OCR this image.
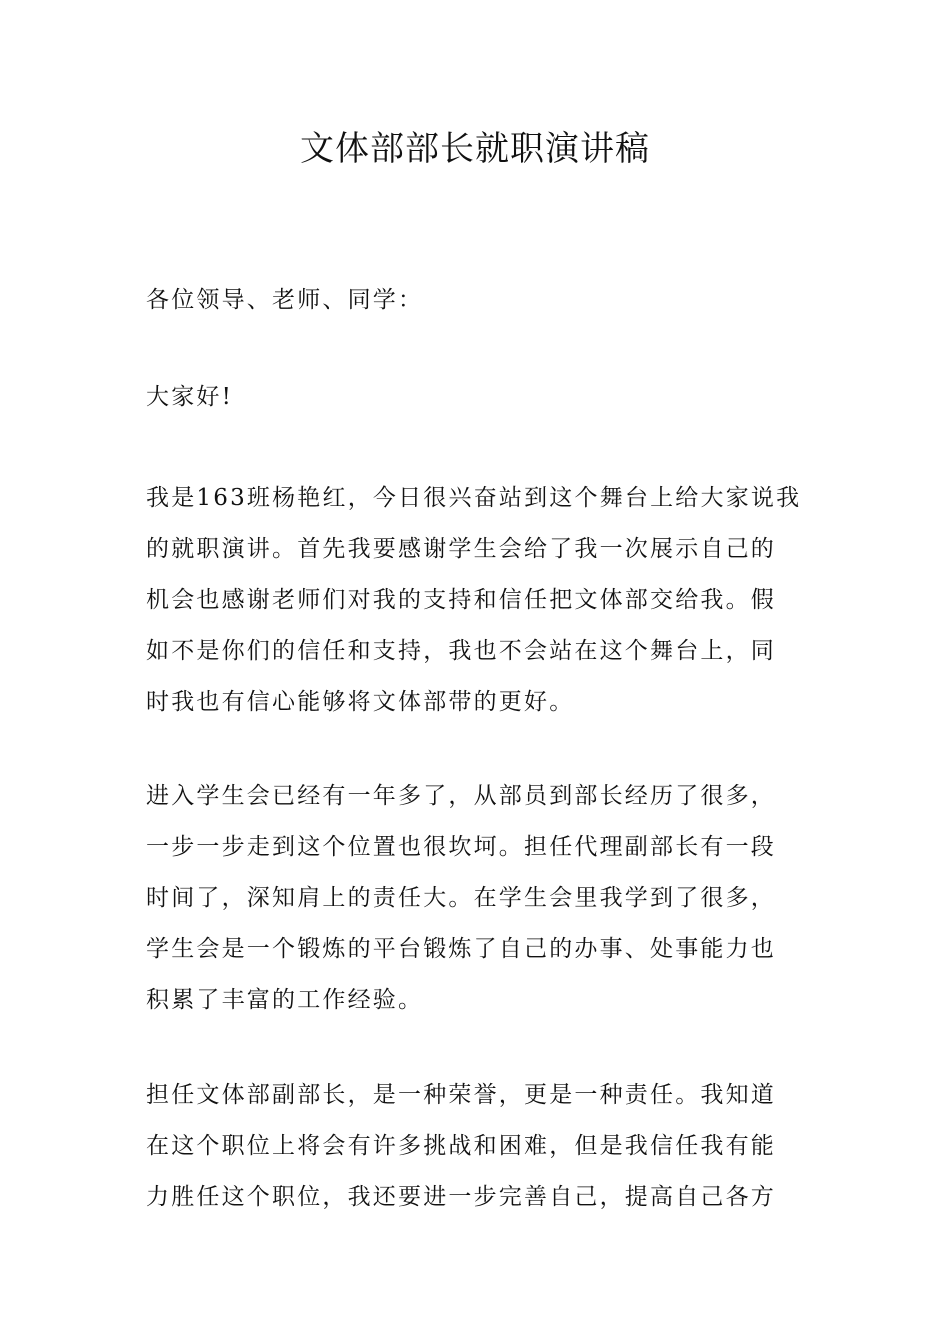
文体部部长就职演讲稿

各位领导、老师、同学：

大家好!

我是163班杨艳红，今日很兴奋站到这个舞台上给大家说我
的就职演讲。首先我要感谢学生会给了我一次展示自己的
机会也感谢老师们对我的支持和信任把文体部交给我。假
如不是你们的信任和支持，我也不会站在这个舞台上，同
时我也有信心能够将文体部带的更好。

进入学生会已经有一年多了，从部员到部长经历了很多，
一步一步走到这个位置也很坎坷。担任代理副部长有一段
时间了，深知肩上的责任大。在学生会里我学到了很多，
学生会是一个锻炼的平台锻炼了自己的办事、处事能力也
积累了丰富的工作经验。

担任文体部副部长，是一种荣誉，更是一种责任。我知道
在这个职位上将会有许多挑战和困难，但是我信任我有能
力胜任这个职位，我还要进一步完善自己，提高自己各方
